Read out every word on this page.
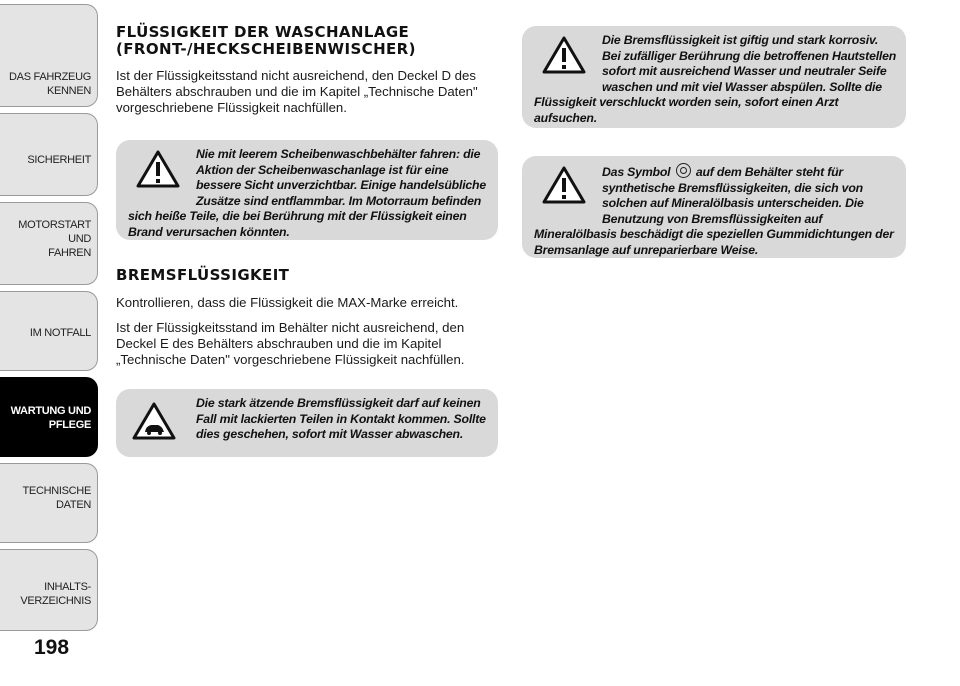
DAS FAHRZEUG
KENNEN
SICHERHEIT
MOTORSTART UND
FAHREN
IM NOTFALL
WARTUNG UND
PFLEGE
TECHNISCHE DATEN
INHALTS-
VERZEICHNIS
198
FLÜSSIGKEIT DER WASCHANLAGE
(FRONT-/HECKSCHEIBENWISCHER)
Ist der Flüssigkeitsstand nicht ausreichend, den Deckel D des Behälters abschrauben und die im Kapitel „Technische Daten" vorgeschriebene Flüssigkeit nachfüllen.
Nie mit leerem Scheibenwaschbehälter fahren: die Aktion der Scheibenwaschanlage ist für eine bessere Sicht unverzichtbar. Einige handelsübliche Zusätze sind entflammbar. Im Motorraum befinden sich heiße Teile, die bei Berührung mit der Flüssigkeit einen Brand verursachen könnten.
BREMSFLÜSSIGKEIT
Kontrollieren, dass die Flüssigkeit die MAX-Marke erreicht.
Ist der Flüssigkeitsstand im Behälter nicht ausreichend, den Deckel E des Behälters abschrauben und die im Kapitel „Technische Daten" vorgeschriebene Flüssigkeit nachfüllen.
Die stark ätzende Bremsflüssigkeit darf auf keinen Fall mit lackierten Teilen in Kontakt kommen. Sollte dies geschehen, sofort mit Wasser abwaschen.
Die Bremsflüssigkeit ist giftig und stark korrosiv. Bei zufälliger Berührung die betroffenen Hautstellen sofort mit ausreichend Wasser und neutraler Seife waschen und mit viel Wasser abspülen. Sollte die Flüssigkeit verschluckt worden sein, sofort einen Arzt aufsuchen.
Das Symbol auf dem Behälter steht für synthetische Bremsflüssigkeiten, die sich von solchen auf Mineralölbasis unterscheiden. Die Benutzung von Bremsflüssigkeiten auf Mineralölbasis beschädigt die speziellen Gummidichtungen der Bremsanlage auf unreparierbare Weise.
